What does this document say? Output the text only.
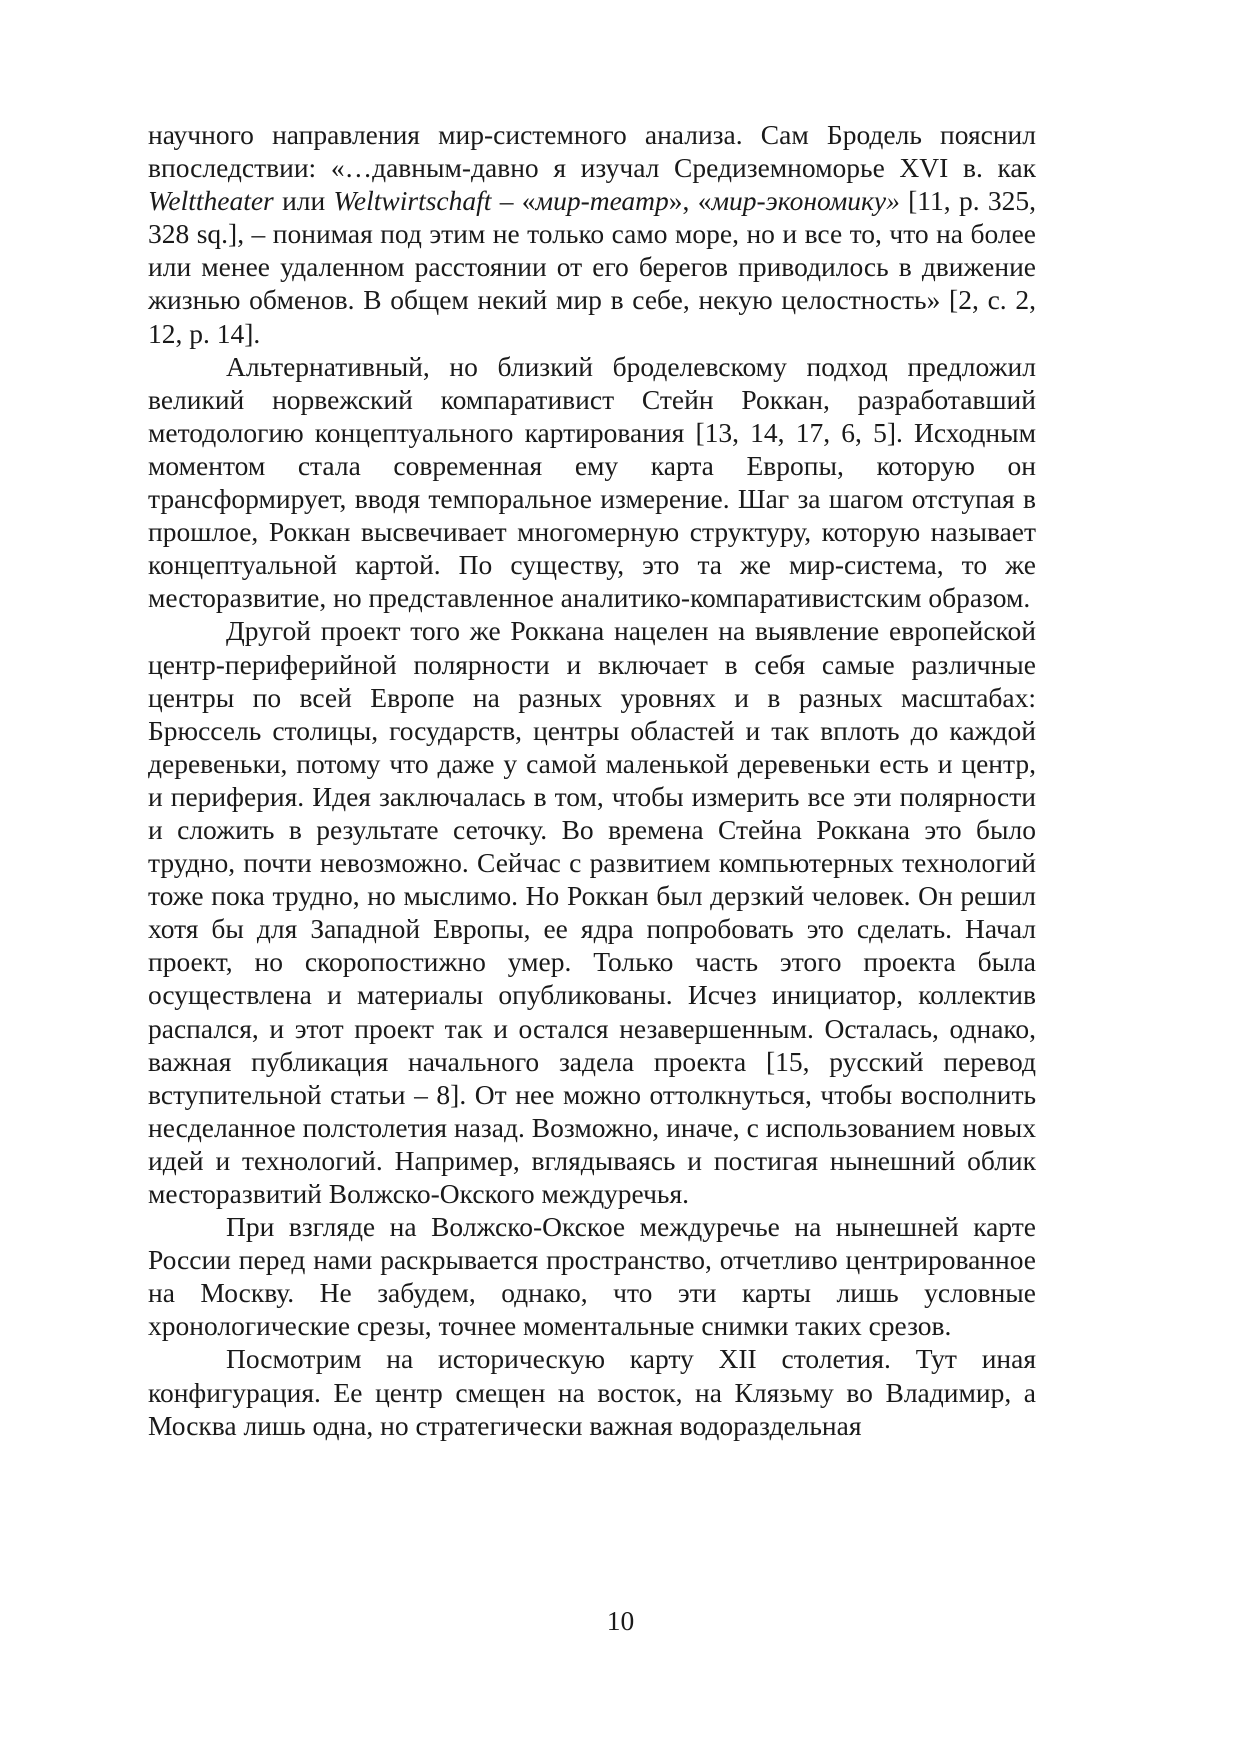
научного направления мир-системного анализа. Сам Бродель пояснил впоследствии: «…давным-давно я изучал Средиземноморье XVI в. как Welttheater или Weltwirtschaft – «мир-театр», «мир-экономику» [11, p. 325, 328 sq.], – понимая под этим не только само море, но и все то, что на более или менее удаленном расстоянии от его берегов приводилось в движение жизнью обменов. В общем некий мир в себе, некую целостность» [2, с. 2, 12, р. 14].

Альтернативный, но близкий броделевскому подход предложил великий норвежский компаративист Стейн Роккан, разработавший методологию концептуального картирования [13, 14, 17, 6, 5]. Исходным моментом стала современная ему карта Европы, которую он трансформирует, вводя темпоральное измерение. Шаг за шагом отступая в прошлое, Роккан высвечивает многомерную структуру, которую называет концептуальной картой. По существу, это та же мир-система, то же месторазвитие, но представленное аналитико-компаративистским образом.

Другой проект того же Роккана нацелен на выявление европейской центр-периферийной полярности и включает в себя самые различные центры по всей Европе на разных уровнях и в разных масштабах: Брюссель столицы, государств, центры областей и так вплоть до каждой деревеньки, потому что даже у самой маленькой деревеньки есть и центр, и периферия. Идея заключалась в том, чтобы измерить все эти полярности и сложить в результате сеточку. Во времена Стейна Роккана это было трудно, почти невозможно. Сейчас с развитием компьютерных технологий тоже пока трудно, но мыслимо. Но Роккан был дерзкий человек. Он решил хотя бы для Западной Европы, ее ядра попробовать это сделать. Начал проект, но скоропостижно умер. Только часть этого проекта была осуществлена и материалы опубликованы. Исчез инициатор, коллектив распался, и этот проект так и остался незавершенным. Осталась, однако, важная публикация начального задела проекта [15, русский перевод вступительной статьи – 8]. От нее можно оттолкнуться, чтобы восполнить несделанное полстолетия назад. Возможно, иначе, с использованием новых идей и технологий. Например, вглядываясь и постигая нынешний облик месторазвитий Волжско-Окского междуречья.

При взгляде на Волжско-Окское междуречье на нынешней карте России перед нами раскрывается пространство, отчетливо центрированное на Москву. Не забудем, однако, что эти карты лишь условные хронологические срезы, точнее моментальные снимки таких срезов.

Посмотрим на историческую карту XII столетия. Тут иная конфигурация. Ее центр смещен на восток, на Клязьму во Владимир, а Москва лишь одна, но стратегически важная водораздельная

10
